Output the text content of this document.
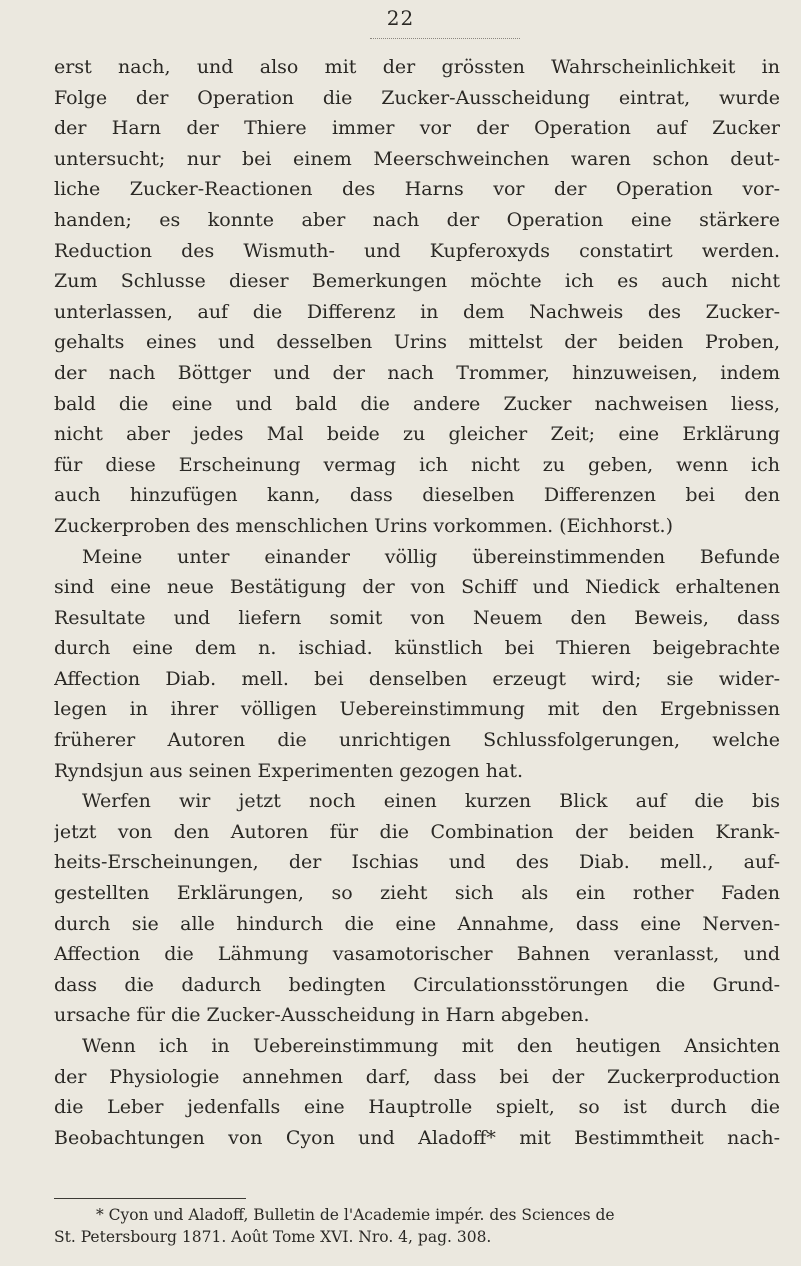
22
erst nach, und also mit der grössten Wahrscheinlichkeit in
Folge der Operation die Zucker-Ausscheidung eintrat, wurde
der Harn der Thiere immer vor der Operation auf Zucker
untersucht; nur bei einem Meerschweinchen waren schon deut-
liche Zucker-Reactionen des Harns vor der Operation vor-
handen; es konnte aber nach der Operation eine stärkere
Reduction des Wismuth- und Kupferoxyds constatirt werden.
Zum Schlusse dieser Bemerkungen möchte ich es auch nicht
unterlassen, auf die Differenz in dem Nachweis des Zucker-
gehalts eines und desselben Urins mittelst der beiden Proben,
der nach Böttger und der nach Trommer, hinzuweisen, indem
bald die eine und bald die andere Zucker nachweisen liess,
nicht aber jedes Mal beide zu gleicher Zeit; eine Erklärung
für diese Erscheinung vermag ich nicht zu geben, wenn ich
auch hinzufügen kann, dass dieselben Differenzen bei den
Zuckerproben des menschlichen Urins vorkommen. (Eichhorst.)
Meine unter einander völlig übereinstimmenden Befunde
sind eine neue Bestätigung der von Schiff und Niedick erhaltenen
Resultate und liefern somit von Neuem den Beweis, dass
durch eine dem n. ischiad. künstlich bei Thieren beigebrachte
Affection Diab. mell. bei denselben erzeugt wird; sie wider-
legen in ihrer völligen Uebereinstimmung mit den Ergebnissen
früherer Autoren die unrichtigen Schlussfolgerungen, welche
Ryndsjun aus seinen Experimenten gezogen hat.
Werfen wir jetzt noch einen kurzen Blick auf die bis
jetzt von den Autoren für die Combination der beiden Krank-
heits-Erscheinungen, der Ischias und des Diab. mell., auf-
gestellten Erklärungen, so zieht sich als ein rother Faden
durch sie alle hindurch die eine Annahme, dass eine Nerven-
Affection die Lähmung vasamotorischer Bahnen veranlasst, und
dass die dadurch bedingten Circulationsstörungen die Grund-
ursache für die Zucker-Ausscheidung in Harn abgeben.
Wenn ich in Uebereinstimmung mit den heutigen Ansichten
der Physiologie annehmen darf, dass bei der Zuckerproduction
die Leber jedenfalls eine Hauptrolle spielt, so ist durch die
Beobachtungen von Cyon und Aladoff* mit Bestimmtheit nach-
* Cyon und Aladoff, Bulletin de l'Academie impér. des Sciences de
St. Petersbourg 1871. Août Tome XVI. Nro. 4, pag. 308.
